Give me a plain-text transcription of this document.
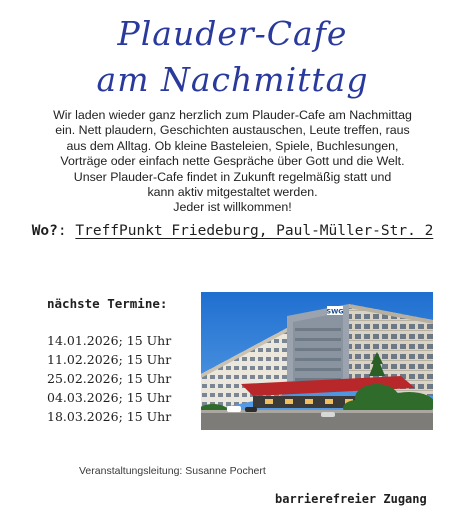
Plauder-Cafe
am Nachmittag
Wir laden wieder ganz herzlich zum Plauder-Cafe am Nachmittag
ein. Nett plaudern, Geschichten austauschen, Leute treffen, raus
aus dem Alltag. Ob kleine Basteleien, Spiele, Buchlesungen,
Vorträge oder einfach nette Gespräche über Gott und die Welt.
Unser Plauder-Cafe findet in Zukunft regelmäßig statt und
kann aktiv mitgestaltet werden.
Jeder ist willkommen!
Wo?: TreffPunkt Friedeburg, Paul-Müller-Str. 2
nächste Termine:
14.01.2026; 15 Uhr
11.02.2026; 15 Uhr
25.02.2026; 15 Uhr
04.03.2026; 15 Uhr
18.03.2026; 15 Uhr
SWG
Veranstaltungsleitung: Susanne Pochert
barrierefreier Zugang
